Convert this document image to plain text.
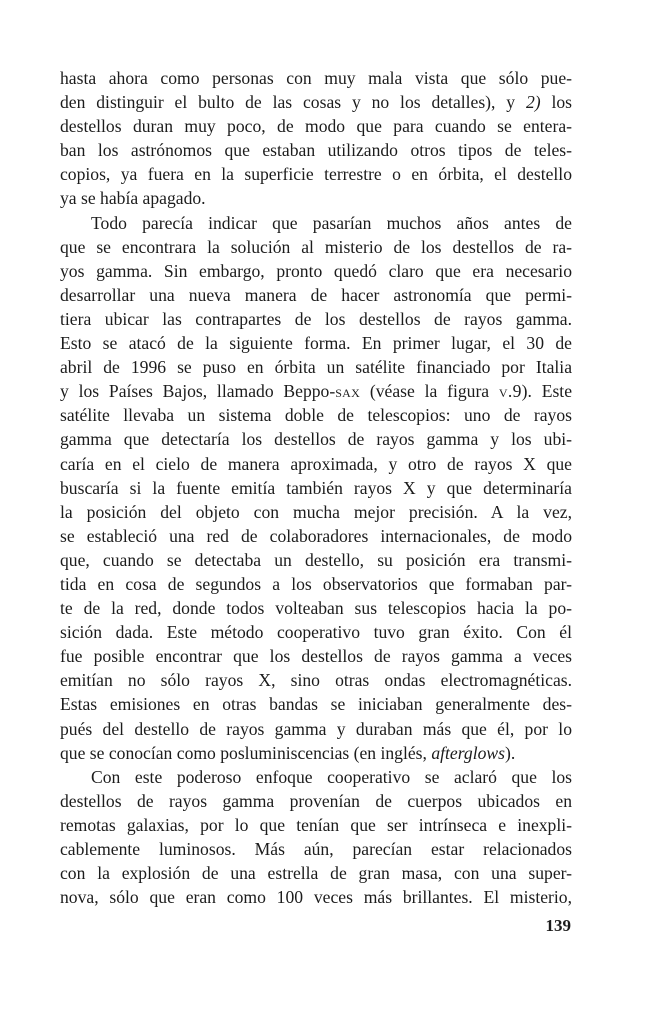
hasta ahora como personas con muy mala vista que sólo pue-
den distinguir el bulto de las cosas y no los detalles), y 2) los
destellos duran muy poco, de modo que para cuando se entera-
ban los astrónomos que estaban utilizando otros tipos de teles-
copios, ya fuera en la superficie terrestre o en órbita, el destello
ya se había apagado.
Todo parecía indicar que pasarían muchos años antes de
que se encontrara la solución al misterio de los destellos de ra-
yos gamma. Sin embargo, pronto quedó claro que era necesario
desarrollar una nueva manera de hacer astronomía que permi-
tiera ubicar las contrapartes de los destellos de rayos gamma.
Esto se atacó de la siguiente forma. En primer lugar, el 30 de
abril de 1996 se puso en órbita un satélite financiado por Italia
y los Países Bajos, llamado Beppo-sax (véase la figura v.9). Este
satélite llevaba un sistema doble de telescopios: uno de rayos
gamma que detectaría los destellos de rayos gamma y los ubi-
caría en el cielo de manera aproximada, y otro de rayos X que
buscaría si la fuente emitía también rayos X y que determinaría
la posición del objeto con mucha mejor precisión. A la vez,
se estableció una red de colaboradores internacionales, de modo
que, cuando se detectaba un destello, su posición era transmi-
tida en cosa de segundos a los observatorios que formaban par-
te de la red, donde todos volteaban sus telescopios hacia la po-
sición dada. Este método cooperativo tuvo gran éxito. Con él
fue posible encontrar que los destellos de rayos gamma a veces
emitían no sólo rayos X, sino otras ondas electromagnéticas.
Estas emisiones en otras bandas se iniciaban generalmente des-
pués del destello de rayos gamma y duraban más que él, por lo
que se conocían como posluminiscencias (en inglés, afterglows).
Con este poderoso enfoque cooperativo se aclaró que los
destellos de rayos gamma provenían de cuerpos ubicados en
remotas galaxias, por lo que tenían que ser intrínseca e inexpli-
cablemente luminosos. Más aún, parecían estar relacionados
con la explosión de una estrella de gran masa, con una super-
nova, sólo que eran como 100 veces más brillantes. El misterio,
139
